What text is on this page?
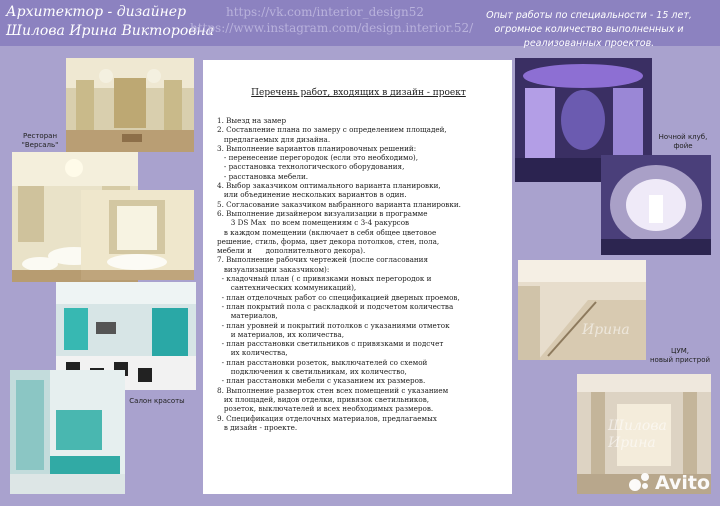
Архитектор - дизайнер
Шилова Ирина Викторовна
https://vk.com/interior_design52
https://www.instagram.com/design.interior.52/
Опыт работы по специальности - 15 лет, огромное количество выполненных и реализованных проектов.
Ресторан
"Версаль"
Салон красоты
Перечень работ, входящих в дизайн - проект
1. Выезд на замер
2. Составление плана по замеру с определением площадей,
предлагаемых для дизайна.
3. Выполнение вариантов планировочных решений:
- перенесение перегородок (если это необходимо),
- расстановка технологического оборудования,
- расстановка мебели.
4. Выбор заказчиком оптимального варианта планировки,
или объединение нескольких вариантов в один.
5. Согласование заказчиком выбранного варианта планировки.
6. Выполнение дизайнером визуализации в программе
3 DS Max  по всем помещениям с 3-4 ракурсов
в каждом помещении (включает в себя общее цветовое
решение, стиль, форма, цвет декора потолков, стен, пола,
мебели и      дополнительного декора).
7. Выполнение рабочих чертежей (после согласования
визуализации заказчиком):
- кладочный план ( с привязками новых перегородок и
сантехнических коммуникаций),
- план отделочных работ со спецификацией дверных проемов,
- план покрытий пола с раскладкой и подсчетом количества
материалов,
- план уровней и покрытий потолков с указаниями отметок
и материалов, их количества,
- план расстановки светильников с привязками и подсчет
их количества,
- план расстановки розеток, выключателей со схемой
подключения к светильникам, их количество,
- план расстановки мебели с указанием их размеров.
8. Выполнение разверток стен всех помещений с указанием
их площадей, видов отделки, привязок светильников,
розеток, выключателей и всех необходимых размеров.
9. Спецификация отделочных материалов, предлагаемых
в дизайн - проекте.
Ночной клуб,
фойе
Ирина
ЦУМ,
новый пристрой
Шилова
Ирина
Avito
